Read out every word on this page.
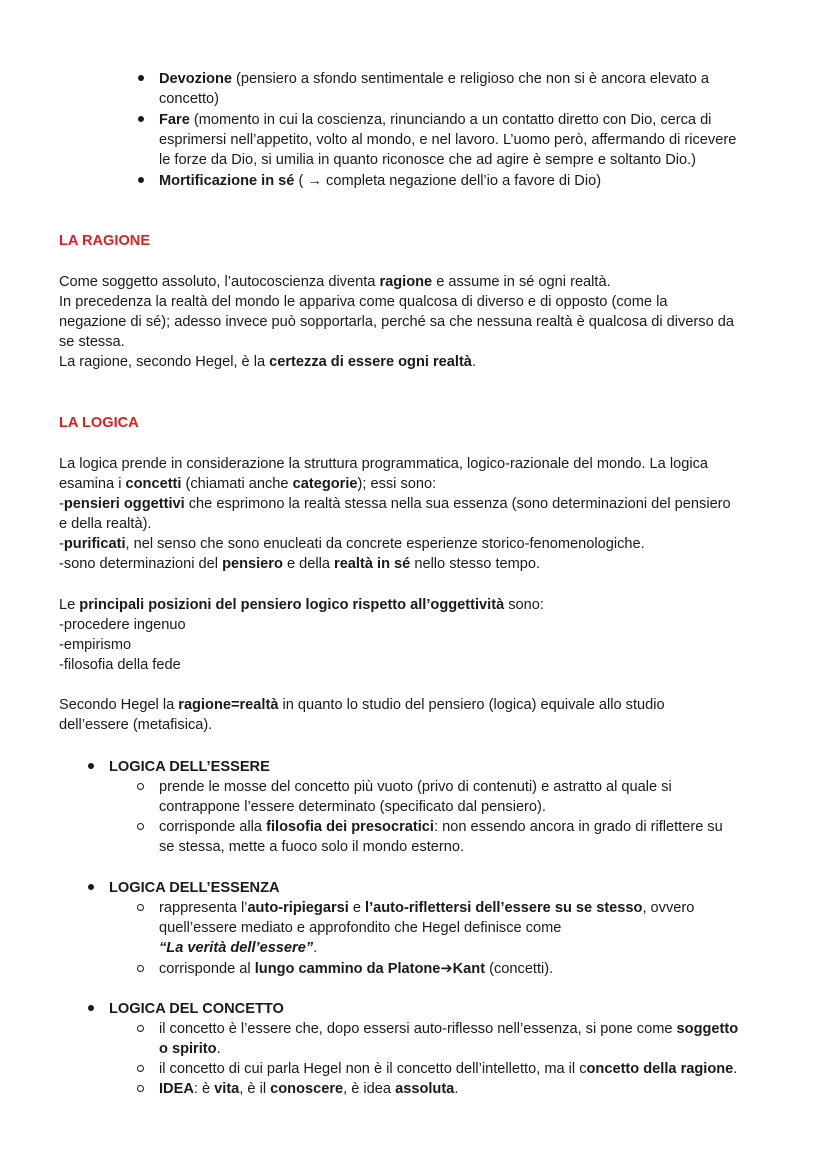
Devozione (pensiero a sfondo sentimentale e religioso che non si è ancora elevato a
concetto)
Fare (momento in cui la coscienza, rinunciando a un contatto diretto con Dio, cerca di
esprimersi nell’appetito, volto al mondo, e nel lavoro. L’uomo però, affermando di ricevere
le forze da Dio, si umilia in quanto riconosce che ad agire è sempre e soltanto Dio.)
Mortificazione in sé ( → completa negazione dell’io a favore di Dio)
LA RAGIONE
Come soggetto assoluto, l’autocoscienza diventa ragione e assume in sé ogni realtà.
In precedenza la realtà del mondo le appariva come qualcosa di diverso e di opposto (come la
negazione di sé); adesso invece può sopportarla, perché sa che nessuna realtà è qualcosa di diverso da
se stessa.
La ragione, secondo Hegel, è la certezza di essere ogni realtà.
LA LOGICA
La logica prende in considerazione la struttura programmatica, logico-razionale del mondo. La logica
esamina i concetti (chiamati anche categorie); essi sono:
-pensieri oggettivi che esprimono la realtà stessa nella sua essenza (sono determinazioni del pensiero
e della realtà).
-purificati, nel senso che sono enucleati da concrete esperienze storico-fenomenologiche.
-sono determinazioni del pensiero e della realtà in sé nello stesso tempo.
Le principali posizioni del pensiero logico rispetto all’oggettività sono:
-procedere ingenuo
-empirismo
-filosofia della fede
Secondo Hegel la ragione=realtà in quanto lo studio del pensiero (logica) equivale allo studio
dell’essere (metafisica).
LOGICA DELL’ESSERE
prende le mosse del concetto più vuoto (privo di contenuti) e astratto al quale si
contrappone l’essere determinato (specificato dal pensiero).
corrisponde alla filosofia dei presocratici: non essendo ancora in grado di riflettere su
se stessa, mette a fuoco solo il mondo esterno.
LOGICA DELL’ESSENZA
rappresenta l’auto-ripiegarsi e l’auto-riflettersi dell’essere su se stesso, ovvero
quell’essere mediato e approfondito che Hegel definisce come
“La verità dell’essere”.
corrisponde al lungo cammino da Platone➔Kant (concetti).
LOGICA DEL CONCETTO
il concetto è l’essere che, dopo essersi auto-riflesso nell’essenza, si pone come soggetto
o spirito.
il concetto di cui parla Hegel non è il concetto dell’intelletto, ma il concetto della ragione.
IDEA: è vita, è il conoscere, è idea assoluta.
